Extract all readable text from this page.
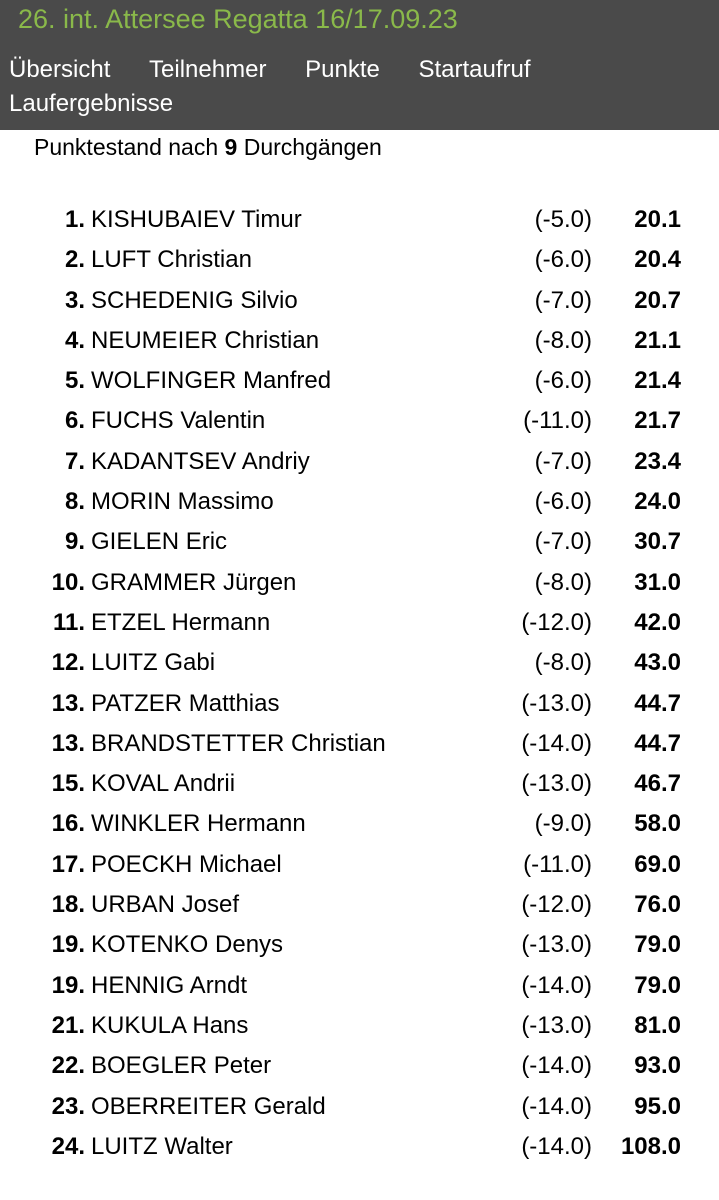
26. int. Attersee Regatta 16/17.09.23
Übersicht Teilnehmer Punkte Startaufruf
Laufergebnisse
Punktestand nach 9 Durchgängen
1. KISHUBAIEV Timur	(-5.0) 20.1
2. LUFT Christian	(-6.0) 20.4
3. SCHEDENIG Silvio	(-7.0) 20.7
4. NEUMEIER Christian	(-8.0) 21.1
5. WOLFINGER Manfred	(-6.0) 21.4
6. FUCHS Valentin	(-11.0) 21.7
7. KADANTSEV Andriy	(-7.0) 23.4
8. MORIN Massimo	(-6.0) 24.0
9. GIELEN Eric	(-7.0) 30.7
10. GRAMMER Jürgen	(-8.0) 31.0
11. ETZEL Hermann	(-12.0) 42.0
12. LUITZ Gabi	(-8.0) 43.0
13. PATZER Matthias	(-13.0) 44.7
13. BRANDSTETTER Christian	(-14.0) 44.7
15. KOVAL Andrii	(-13.0) 46.7
16. WINKLER Hermann	(-9.0) 58.0
17. POECKH Michael	(-11.0) 69.0
18. URBAN Josef	(-12.0) 76.0
19. KOTENKO Denys	(-13.0) 79.0
19. HENNIG Arndt	(-14.0) 79.0
21. KUKULA Hans	(-13.0) 81.0
22. BOEGLER Peter	(-14.0) 93.0
23. OBERREITER Gerald	(-14.0) 95.0
24. LUITZ Walter	(-14.0) 108.0
